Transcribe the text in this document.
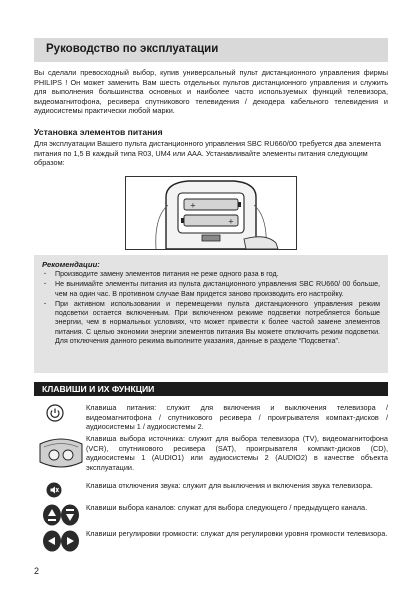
Руководство по эксплуатации
Вы сделали превосходный выбор, купив универсальный пульт дистанционного управления фирмы PHILIPS ! Он может заменить Вам шесть отдельных пультов дистанционного управления и служить для выполнения большинства основных и наиболее часто используемых функций телевизора, видеомагнитофона, ресивера спутникового телевидения / декодера кабельного телевидения и аудиосистемы практически любой марки.
Установка элементов питания
Для эксплуатации Вашего пульта дистанционного управления SBC RU660/00 требуется два элемента питания по 1,5 В каждый типа R03, UM4 или AAA. Устанавливайте элементы питания следующим образом:
+
+
Рекомендации:
· Производите замену элементов питания не реже одного раза в год.
· Не вынимайте элементы питания из пульта дистанционного управления SBC RU660/ 00 больше, чем на один час. В противном случае Вам придется заново производить его настройку.
· При активном использовании и перемещении пульта дистанционного управления режим подсветки остается включенным. При включенном режиме подсветки потребляется больше энергии, чем в нормальных условиях, что может привести к более частой замене элементов питания. С целью экономии энергии элементов питания Вы можете отключить режим подсветки. Для отключения данного режима выполните указания, данные в разделе “Подсветка”.
КЛАВИШИ И ИХ ФУНКЦИИ
Клавиша питания: служит для включения и выключения телевизора / видеомагнитофона / спутникового ресивера / проигрывателя компакт-дисков / аудиосистемы 1 / аудиосистемы 2.
Клавиша выбора источника: служит для выбора телевизора (TV), видеомагнитофона (VCR), спутникового ресивера (SAT), проигрывателя компакт-дисков (CD), аудиосистемы 1 (AUDIO1) или аудиосистемы 2 (AUDIO2) в качестве объекта эксплуатации.
Клавиша отключения звука: служит для выключения и включения звука телевизора.
Клавиши выбора каналов: служат для выбора следующего / предыдущего канала.
Клавиши регулировки громкости: служат для регулировки уровня громкости телевизора.
2
